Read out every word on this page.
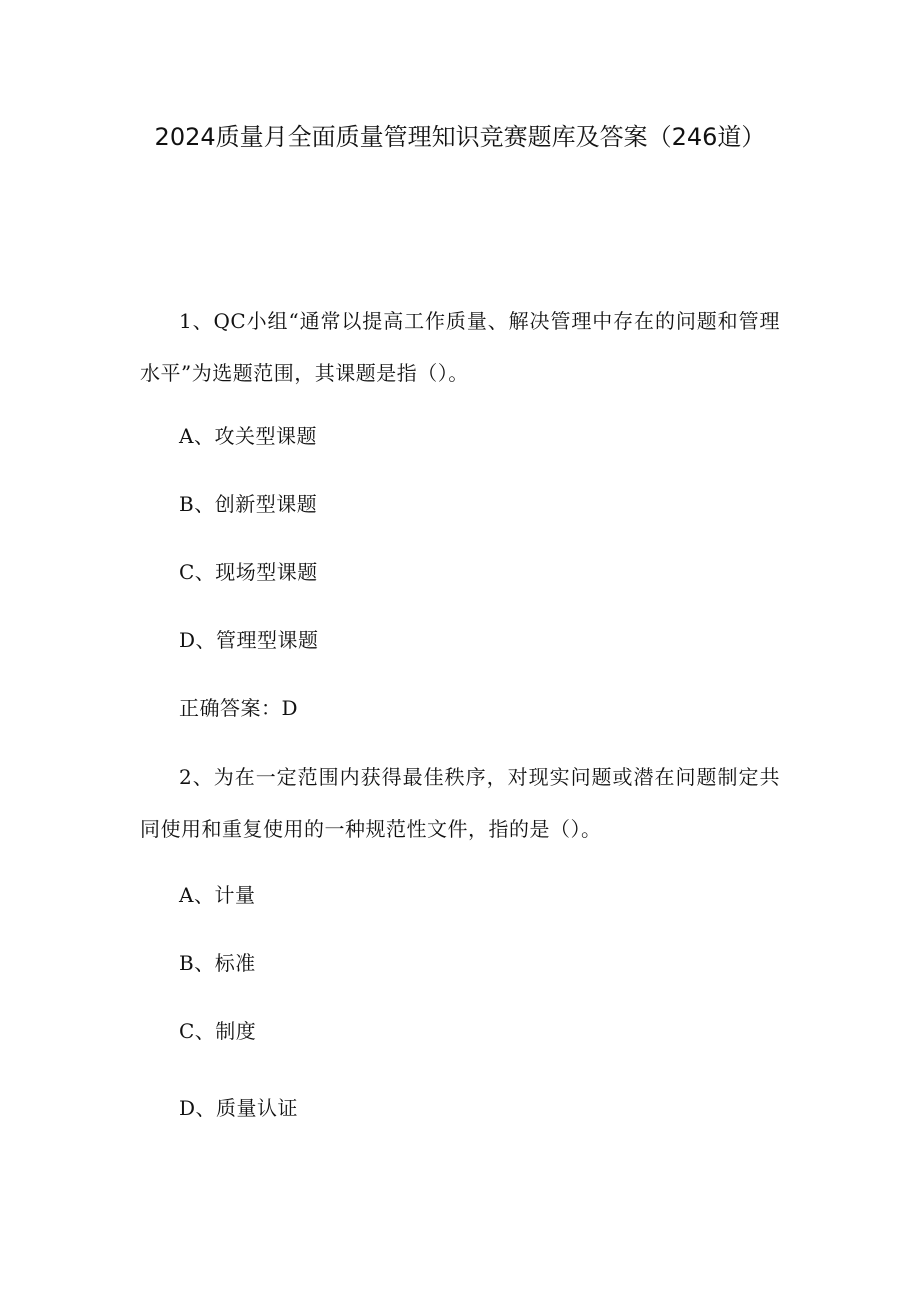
2024质量月全面质量管理知识竞赛题库及答案（246道）
1、QC小组“通常以提高工作质量、解决管理中存在的问题和管理水平”为选题范围，其课题是指（）。
A、攻关型课题
B、创新型课题
C、现场型课题
D、管理型课题
正确答案：D
2、为在一定范围内获得最佳秩序，对现实问题或潜在问题制定共同使用和重复使用的一种规范性文件，指的是（）。
A、计量
B、标准
C、制度
D、质量认证
